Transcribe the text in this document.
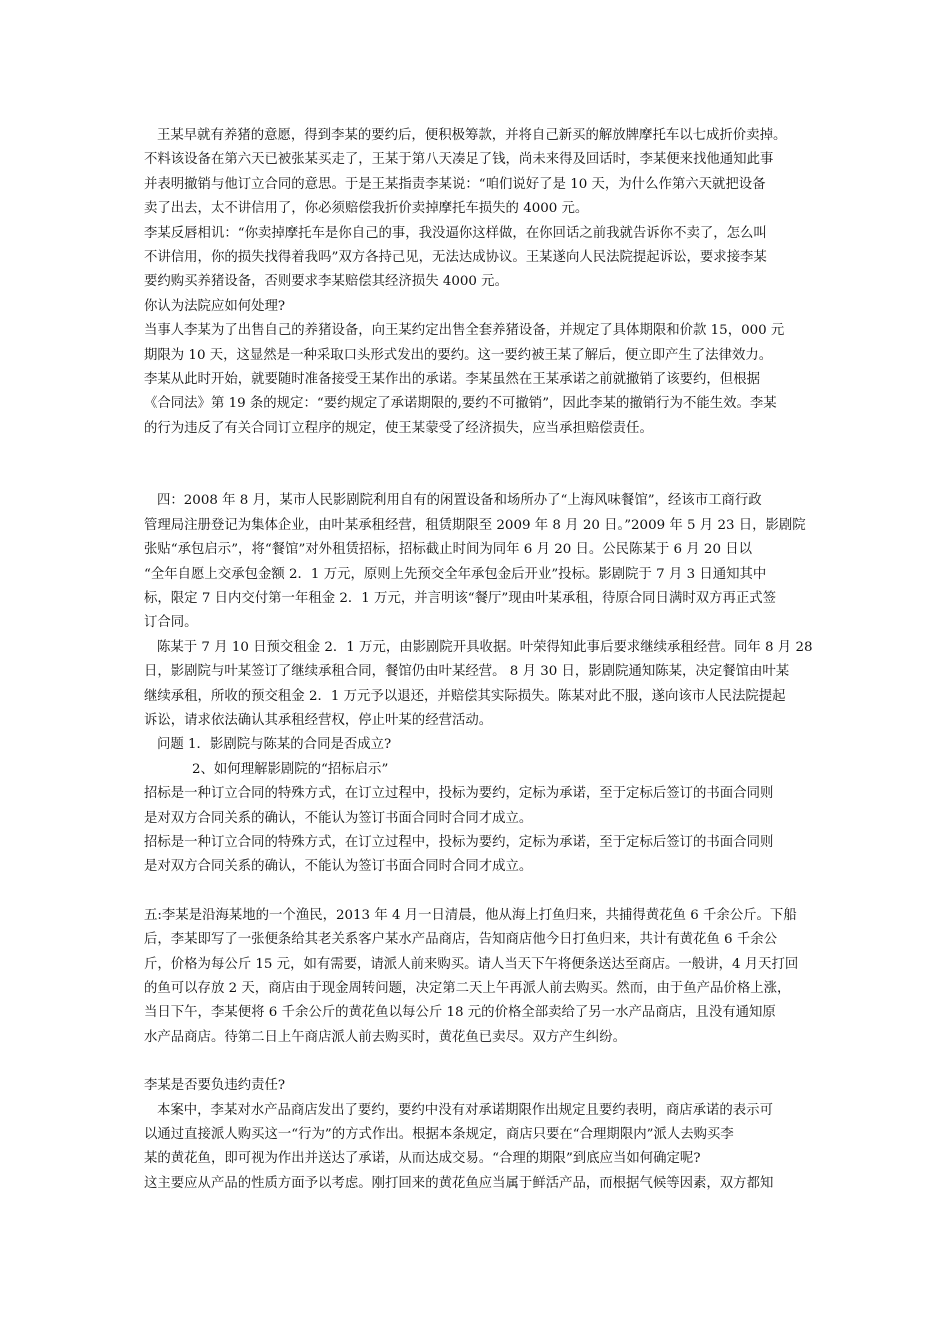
王某早就有养猪的意愿，得到李某的要约后，便积极筹款，并将自己新买的解放牌摩托车以七成折价卖掉。

不料该设备在第六天已被张某买走了，王某于第八天凑足了钱，尚未来得及回话时，李某便来找他通知此事

并表明撤销与他订立合同的意思。于是王某指责李某说：“咱们说好了是 10 天，为什么作第六天就把设备

卖了出去，太不讲信用了，你必须赔偿我折价卖掉摩托车损失的 4000 元。

李某反唇相讥：“你卖掉摩托车是你自己的事，我没逼你这样做，在你回话之前我就告诉你不卖了，怎么叫

不讲信用，你的损失找得着我吗”双方各持己见，无法达成协议。王某遂向人民法院提起诉讼，要求接李某

要约购买养猪设备，否则要求李某赔偿其经济损失 4000 元。

你认为法院应如何处理?

当事人李某为了出售自己的养猪设备，向王某约定出售全套养猪设备，并规定了具体期限和价款 15，000 元

期限为 10 天，这显然是一种采取口头形式发出的要约。这一要约被王某了解后，便立即产生了法律效力。

李某从此时开始，就要随时准备接受王某作出的承诺。李某虽然在王某承诺之前就撤销了该要约，但根据

《合同法》第 19 条的规定：“要约规定了承诺期限的,要约不可撤销”，因此李某的撤销行为不能生效。李某

的行为违反了有关合同订立程序的规定，使王某蒙受了经济损失，应当承担赔偿责任。

四：2008 年 8 月，某市人民影剧院利用自有的闲置设备和场所办了“上海风味餐馆”，经该市工商行政

管理局注册登记为集体企业，由叶某承租经营，租赁期限至 2009 年 8 月 20 日。”2009 年 5 月 23 日，影剧院

张贴“承包启示”，将“餐馆”对外租赁招标，招标截止时间为同年 6 月 20 日。公民陈某于 6 月 20 日以

“全年自愿上交承包金额 2．1 万元，原则上先预交全年承包金后开业”投标。影剧院于 7 月 3 日通知其中

标，限定 7 日内交付第一年租金 2．1 万元，并言明该“餐厅”现由叶某承租，待原合同日满时双方再正式签

订合同。

陈某于 7 月 10 日预交租金 2．1 万元，由影剧院开具收据。叶荣得知此事后要求继续承租经营。同年 8 月 28

日，影剧院与叶某签订了继续承租合同，餐馆仍由叶某经营。 8 月 30 日，影剧院通知陈某，决定餐馆由叶某

继续承租，所收的预交租金 2．1 万元予以退还，并赔偿其实际损失。陈某对此不服，遂向该市人民法院提起

诉讼，请求依法确认其承租经营权，停止叶某的经营活动。

问题 1．影剧院与陈某的合同是否成立?

2、如何理解影剧院的“招标启示”

招标是一种订立合同的特殊方式，在订立过程中，投标为要约，定标为承诺，至于定标后签订的书面合同则

是对双方合同关系的确认，不能认为签订书面合同时合同才成立。

招标是一种订立合同的特殊方式，在订立过程中，投标为要约，定标为承诺，至于定标后签订的书面合同则

是对双方合同关系的确认，不能认为签订书面合同时合同才成立。

五:李某是沿海某地的一个渔民，2013 年 4 月一日清晨，他从海上打鱼归来，共捕得黄花鱼 6 千余公斤。下船

后，李某即写了一张便条给其老关系客户某水产品商店，告知商店他今日打鱼归来，共计有黄花鱼 6 千余公

斤，价格为每公斤 15 元，如有需要，请派人前来购买。请人当天下午将便条送达至商店。一般讲，4 月天打回

的鱼可以存放 2 天，商店由于现金周转问题，决定第二天上午再派人前去购买。然而，由于鱼产品价格上涨，

当日下午，李某便将 6 千余公斤的黄花鱼以每公斤 18 元的价格全部卖给了另一水产品商店，且没有通知原

水产品商店。待第二日上午商店派人前去购买时，黄花鱼已卖尽。双方产生纠纷。

李某是否要负违约责任?

本案中，李某对水产品商店发出了要约，要约中没有对承诺期限作出规定且要约表明，商店承诺的表示可

以通过直接派人购买这一“行为”的方式作出。根据本条规定，商店只要在“合理期限内”派人去购买李

某的黄花鱼，即可视为作出并送达了承诺，从而达成交易。“合理的期限”到底应当如何确定呢?

这主要应从产品的性质方面予以考虑。刚打回来的黄花鱼应当属于鲜活产品，而根据气候等因素，双方都知
